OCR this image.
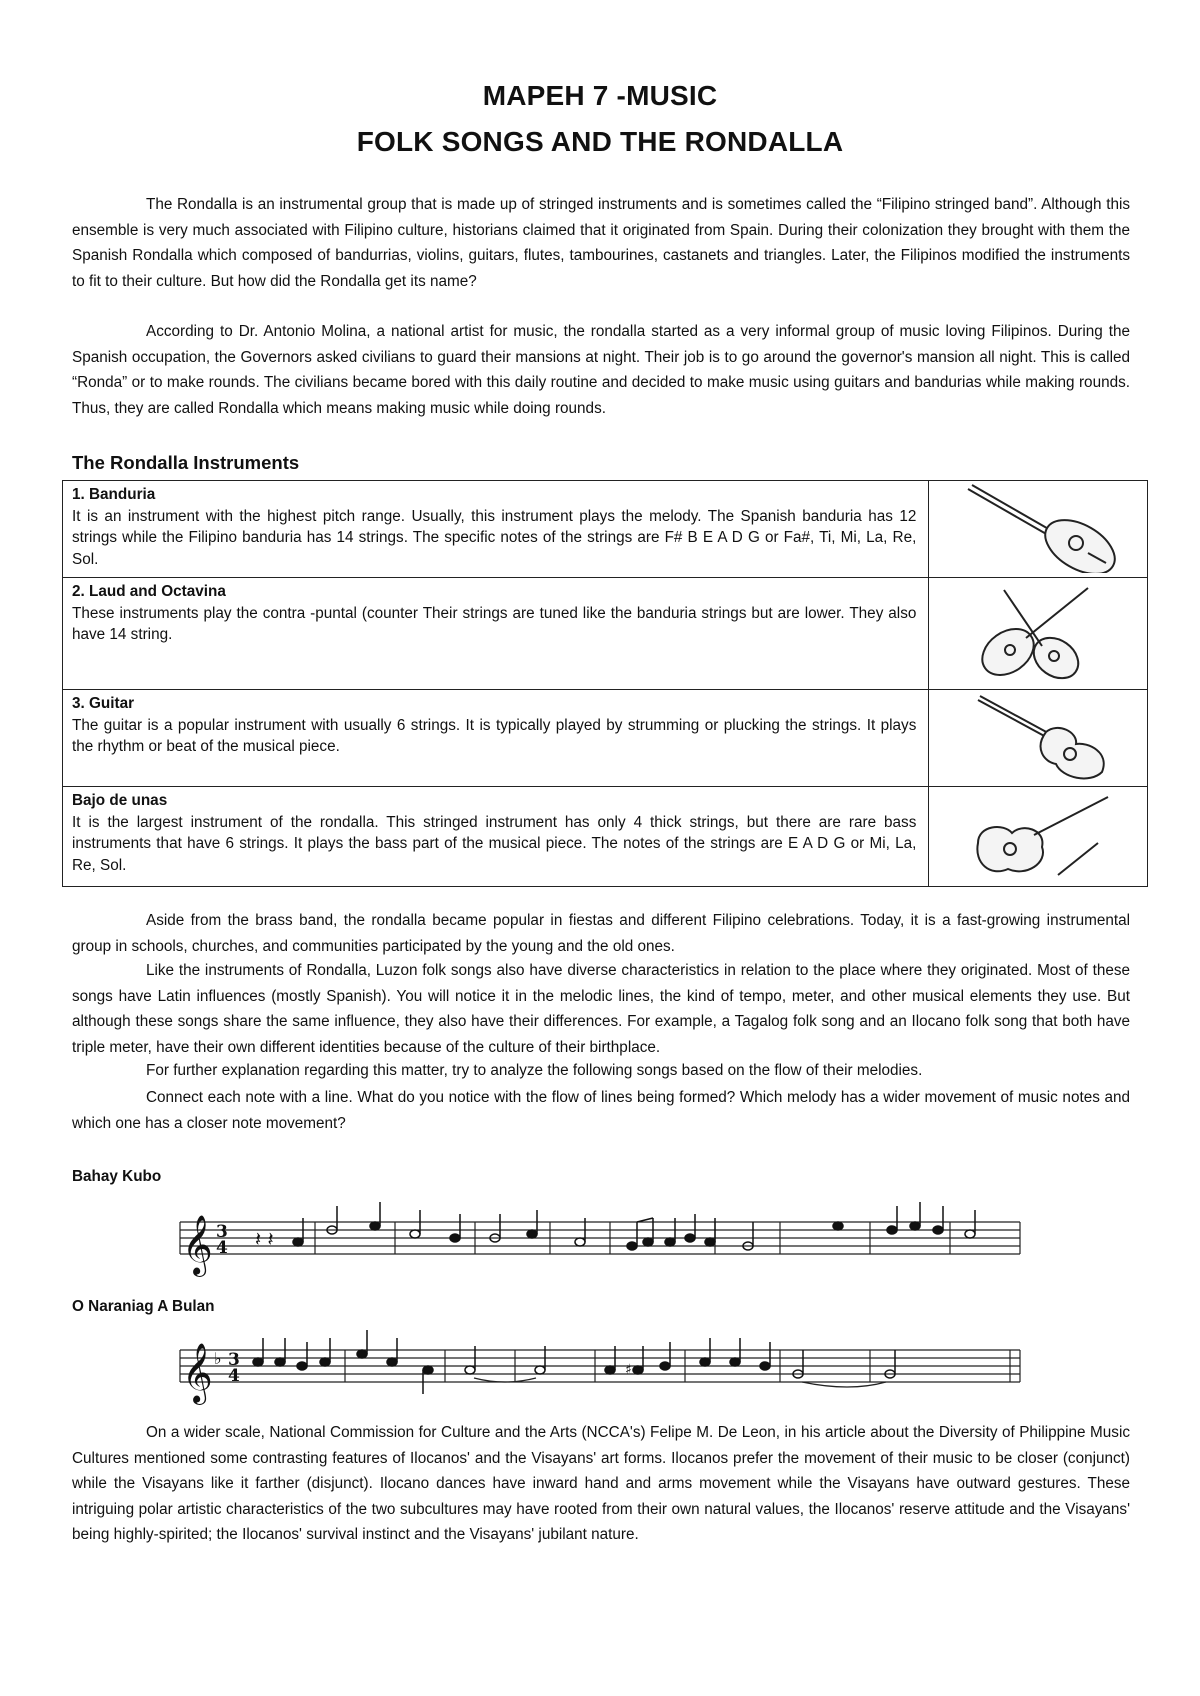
MAPEH 7 -MUSIC
FOLK SONGS AND THE RONDALLA

The Rondalla is an instrumental group that is made up of stringed instruments and is sometimes called the “Filipino stringed band”. Although this ensemble is very much associated with Filipino culture, historians claimed that it originated from Spain. During their colonization they brought with them the Spanish Rondalla which composed of bandurrias, violins, guitars, flutes, tambourines, castanets and triangles. Later, the Filipinos modified the instruments to fit to their culture. But how did the Rondalla get its name?

According to Dr. Antonio Molina, a national artist for music, the rondalla started as a very informal group of music loving Filipinos. During the Spanish occupation, the Governors asked civilians to guard their mansions at night. Their job is to go around the governor's mansion all night. This is called “Ronda” or to make rounds. The civilians became bored with this daily routine and decided to make music using guitars and bandurias while making rounds. Thus, they are called Rondalla which means making music while doing rounds.

The Rondalla Instruments
1. Banduria
It is an instrument with the highest pitch range. Usually, this instrument plays the melody. The Spanish banduria has 12 strings while the Filipino banduria has 14 strings. The specific notes of the strings are F# B E A D G or Fa#, Ti, Mi, La, Re, Sol.

2. Laud and Octavina
These instruments play the contra -puntal (counter Their strings are tuned like the banduria strings but are lower. They also have 14 string.

3. Guitar
The guitar is a popular instrument with usually 6 strings. It is typically played by strumming or plucking the strings. It plays the rhythm or beat of the musical piece.

Bajo de unas
It is the largest instrument of the rondalla. This stringed instrument has only 4 thick strings, but there are rare bass instruments that have 6 strings. It plays the bass part of the musical piece. The notes of the strings are E A D G or Mi, La, Re, Sol.

Aside from the brass band, the rondalla became popular in fiestas and different Filipino celebrations. Today, it is a fast-growing instrumental group in schools, churches, and communities participated by the young and the old ones.

Like the instruments of Rondalla, Luzon folk songs also have diverse characteristics in relation to the place where they originated. Most of these songs have Latin influences (mostly Spanish). You will notice it in the melodic lines, the kind of tempo, meter, and other musical elements they use. But although these songs share the same influence, they also have their differences. For example, a Tagalog folk song and an Ilocano folk song that both have triple meter, have their own different identities because of the culture of their birthplace.

For further explanation regarding this matter, try to analyze the following songs based on the flow of their melodies.

Connect each note with a line. What do you notice with the flow of lines being formed? Which melody has a wider movement of music notes and which one has a closer note movement?

Bahay Kubo
𝄞 3
4 𝄽 𝄽
O Naraniag A Bulan
𝄞 ♭ 3
4	♯

On a wider scale, National Commission for Culture and the Arts (NCCA's) Felipe M. De Leon, in his article about the Diversity of Philippine Music Cultures mentioned some contrasting features of Ilocanos' and the Visayans' art forms. Ilocanos prefer the movement of their music to be closer (conjunct) while the Visayans like it farther (disjunct). Ilocano dances have inward hand and arms movement while the Visayans have outward gestures. These intriguing polar artistic characteristics of the two subcultures may have rooted from their own natural values, the Ilocanos' reserve attitude and the Visayans' being highly-spirited; the Ilocanos' survival instinct and the Visayans' jubilant nature.
